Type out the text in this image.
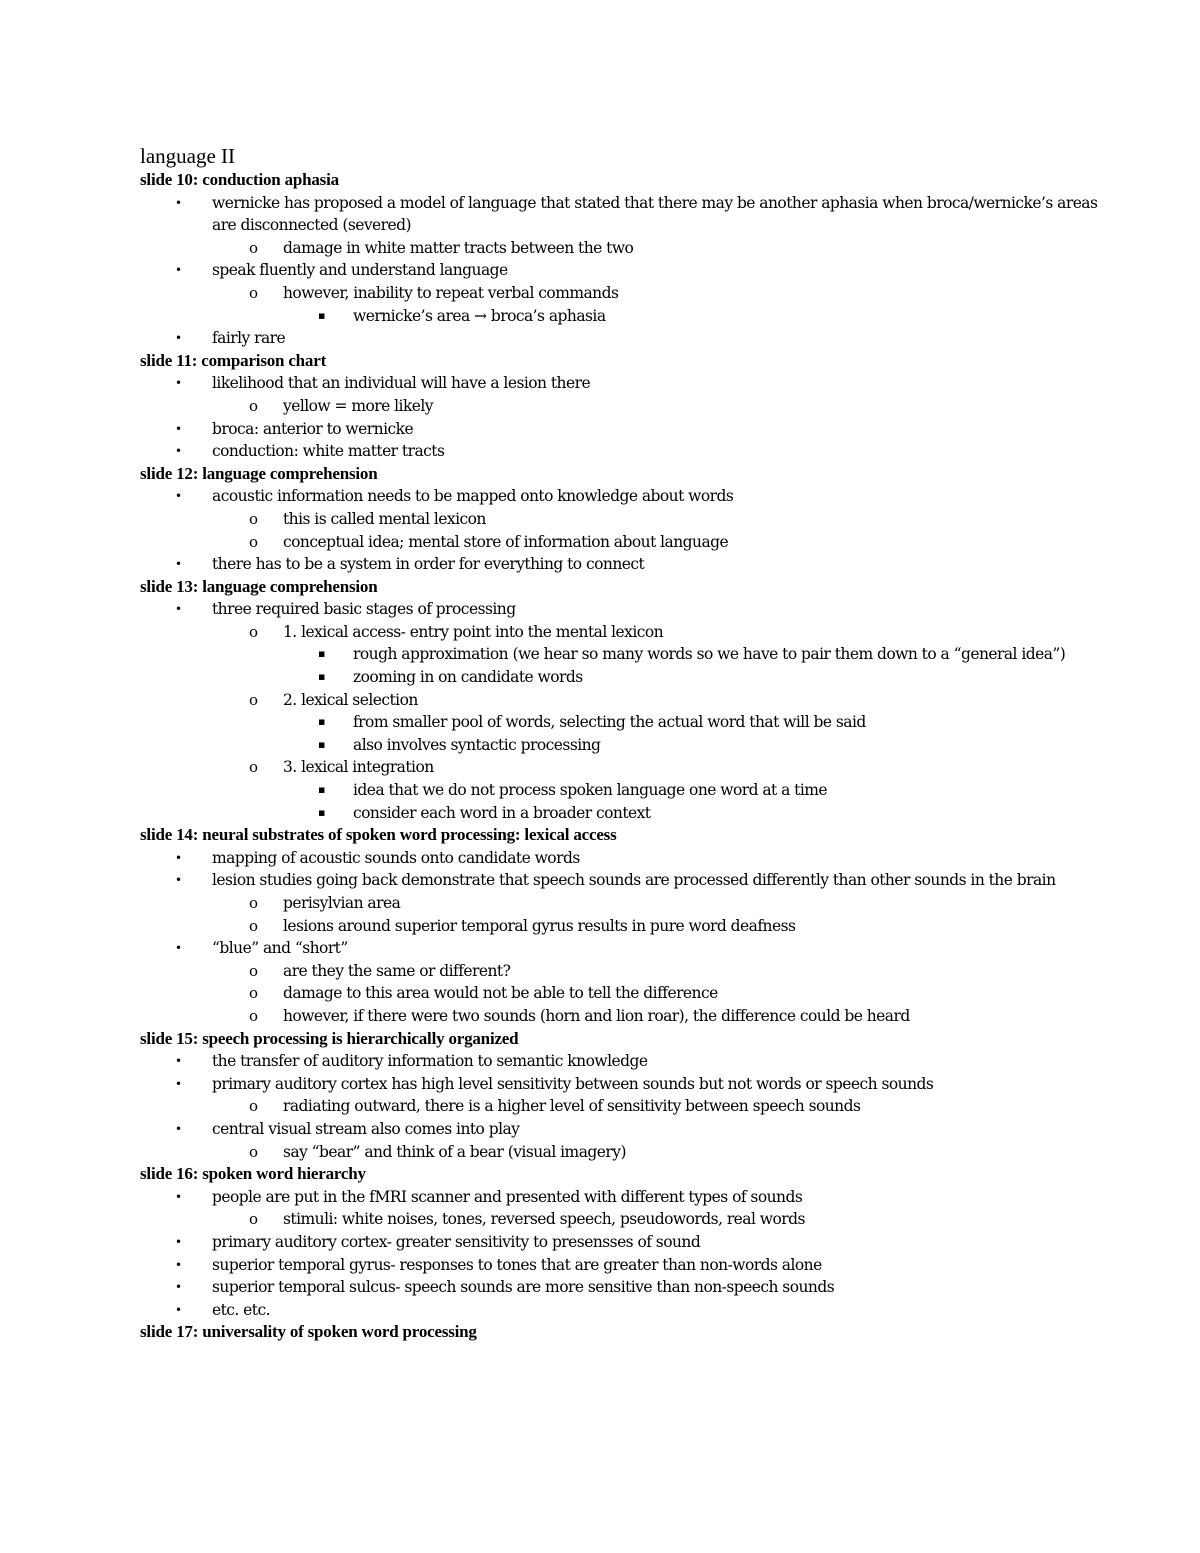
language II
slide 10: conduction aphasia
• wernicke has proposed a model of language that stated that there may be another aphasia when broca/wernicke’s areas are disconnected (severed)
o damage in white matter tracts between the two
• speak fluently and understand language
o however, inability to repeat verbal commands
▪ wernicke’s area → broca’s aphasia
• fairly rare
slide 11: comparison chart
• likelihood that an individual will have a lesion there
o yellow = more likely
• broca: anterior to wernicke
• conduction: white matter tracts
slide 12: language comprehension
• acoustic information needs to be mapped onto knowledge about words
o this is called mental lexicon
o conceptual idea; mental store of information about language
• there has to be a system in order for everything to connect
slide 13: language comprehension
• three required basic stages of processing
o 1. lexical access- entry point into the mental lexicon
▪ rough approximation (we hear so many words so we have to pair them down to a “general idea”)
▪ zooming in on candidate words
o 2. lexical selection
▪ from smaller pool of words, selecting the actual word that will be said
▪ also involves syntactic processing
o 3. lexical integration
▪ idea that we do not process spoken language one word at a time
▪ consider each word in a broader context
slide 14: neural substrates of spoken word processing: lexical access
• mapping of acoustic sounds onto candidate words
• lesion studies going back demonstrate that speech sounds are processed differently than other sounds in the brain
o perisylvian area
o lesions around superior temporal gyrus results in pure word deafness
• “blue” and “short”
o are they the same or different?
o damage to this area would not be able to tell the difference
o however, if there were two sounds (horn and lion roar), the difference could be heard
slide 15: speech processing is hierarchically organized
• the transfer of auditory information to semantic knowledge
• primary auditory cortex has high level sensitivity between sounds but not words or speech sounds
o radiating outward, there is a higher level of sensitivity between speech sounds
• central visual stream also comes into play
o say “bear” and think of a bear (visual imagery)
slide 16: spoken word hierarchy
• people are put in the fMRI scanner and presented with different types of sounds
o stimuli: white noises, tones, reversed speech, pseudowords, real words
• primary auditory cortex- greater sensitivity to presensses of sound
• superior temporal gyrus- responses to tones that are greater than non-words alone
• superior temporal sulcus- speech sounds are more sensitive than non-speech sounds
• etc. etc.
slide 17: universality of spoken word processing
